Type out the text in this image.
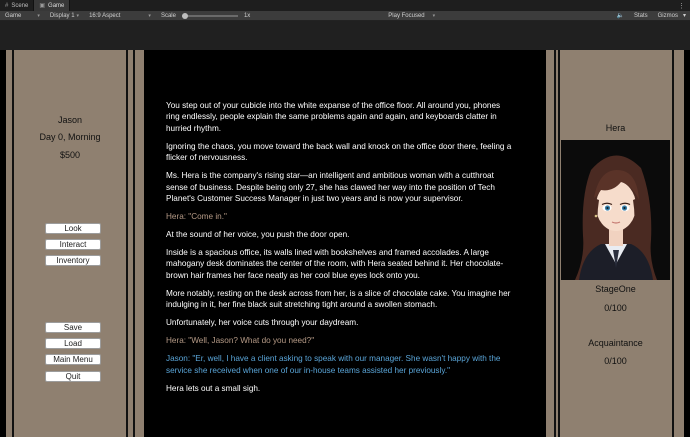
# Scene ▣ Game	⋮
Game	▾ Display 1 ▾ 16:9 Aspect	▾ Scale	1x	Play Focused ▾	🔈	Stats	Gizmos ▾
Jason
Day 0, Morning
$500
Look
Interact
Inventory
Save
Load
Main Menu
Quit

You step out of your cubicle into the white expanse of the office floor. All around you, phones ring endlessly, people explain the same problems again and again, and keyboards clatter in hurried rhythm.

Ignoring the chaos, you move toward the back wall and knock on the office door there, feeling a flicker of nervousness.

Ms. Hera is the company's rising star—an intelligent and ambitious woman with a cutthroat sense of business. Despite being only 27, she has clawed her way into the position of Tech Planet's Customer Success Manager in just two years and is now your supervisor.

Hera: "Come in."

At the sound of her voice, you push the door open.

Inside is a spacious office, its walls lined with bookshelves and framed accolades. A large mahogany desk dominates the center of the room, with Hera seated behind it. Her chocolate-brown hair frames her face neatly as her cool blue eyes lock onto you.

More notably, resting on the desk across from her, is a slice of chocolate cake. You imagine her indulging in it, her fine black suit stretching tight around a swollen stomach.

Unfortunately, her voice cuts through your daydream.

Hera: "Well, Jason? What do you need?"

Jason: "Er, well, I have a client asking to speak with our manager. She wasn't happy with the service she received when one of our in-house teams assisted her previously."

Hera lets out a small sigh.

Hera
StageOne
0/100
Acquaintance
0/100
